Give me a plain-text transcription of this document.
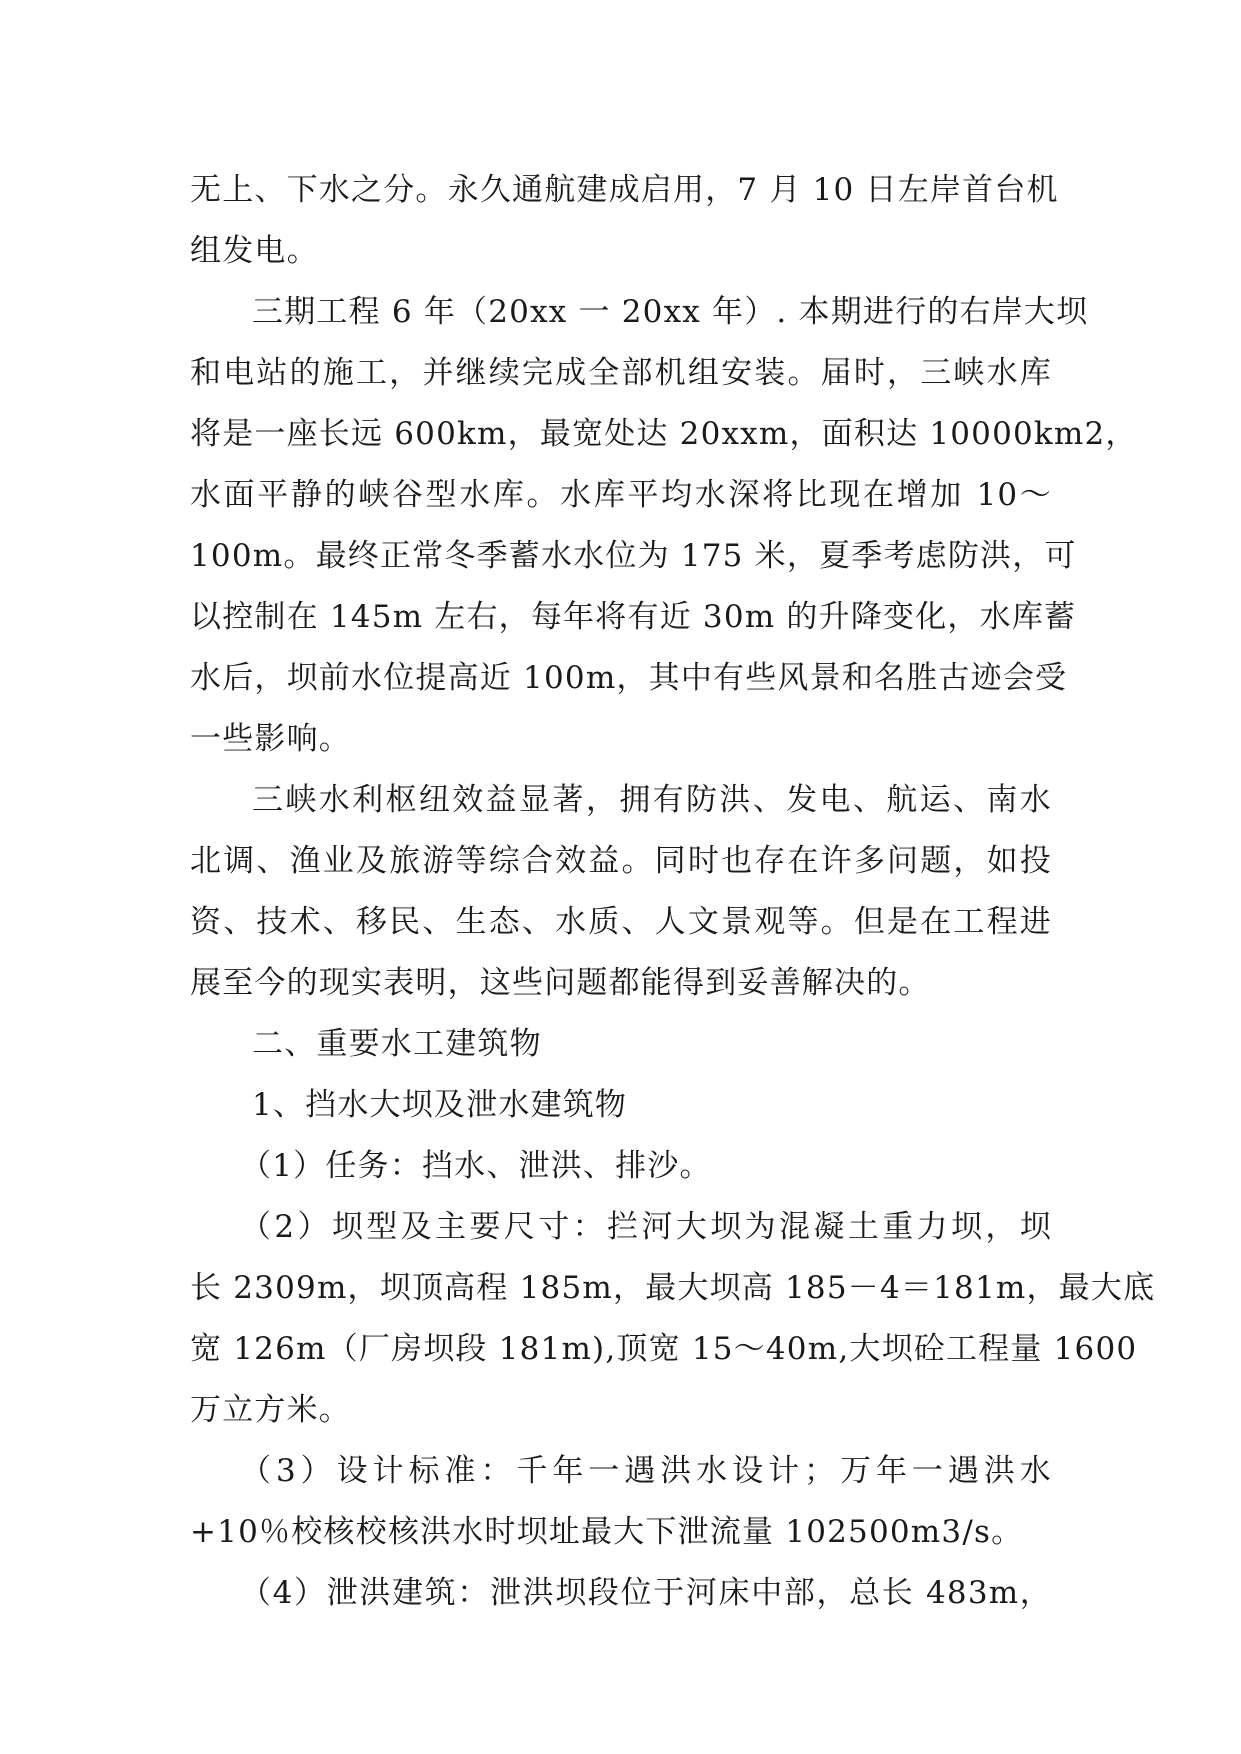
无上、下水之分。永久通航建成启用，7 月 10 日左岸首台机
组发电。
三期工程 6 年（20xx 一 20xx 年）. 本期进行的右岸大坝
和电站的施工，并继续完成全部机组安装。届时，三峡水库
将是一座长远 600km，最宽处达 20xxm，面积达 10000km2，
水面平静的峡谷型水库。水库平均水深将比现在增加 10～
100m。最终正常冬季蓄水水位为 175 米，夏季考虑防洪，可
以控制在 145m 左右，每年将有近 30m 的升降变化，水库蓄
水后，坝前水位提高近 100m，其中有些风景和名胜古迹会受
一些影响。
三峡水利枢纽效益显著，拥有防洪、发电、航运、南水
北调、渔业及旅游等综合效益。同时也存在许多问题，如投
资、技术、移民、生态、水质、人文景观等。但是在工程进
展至今的现实表明，这些问题都能得到妥善解决的。
二、重要水工建筑物
1、挡水大坝及泄水建筑物
（1）任务：挡水、泄洪、排沙。
（2）坝型及主要尺寸：拦河大坝为混凝土重力坝，坝
长 2309m，坝顶高程 185m，最大坝高 185－4＝181m，最大底
宽 126m（厂房坝段 181m),顶宽 15～40m,大坝砼工程量 1600
万立方米。
（3）设计标准：千年一遇洪水设计；万年一遇洪水
+10％校核校核洪水时坝址最大下泄流量 102500m3/s。
（4）泄洪建筑：泄洪坝段位于河床中部，总长 483m，
